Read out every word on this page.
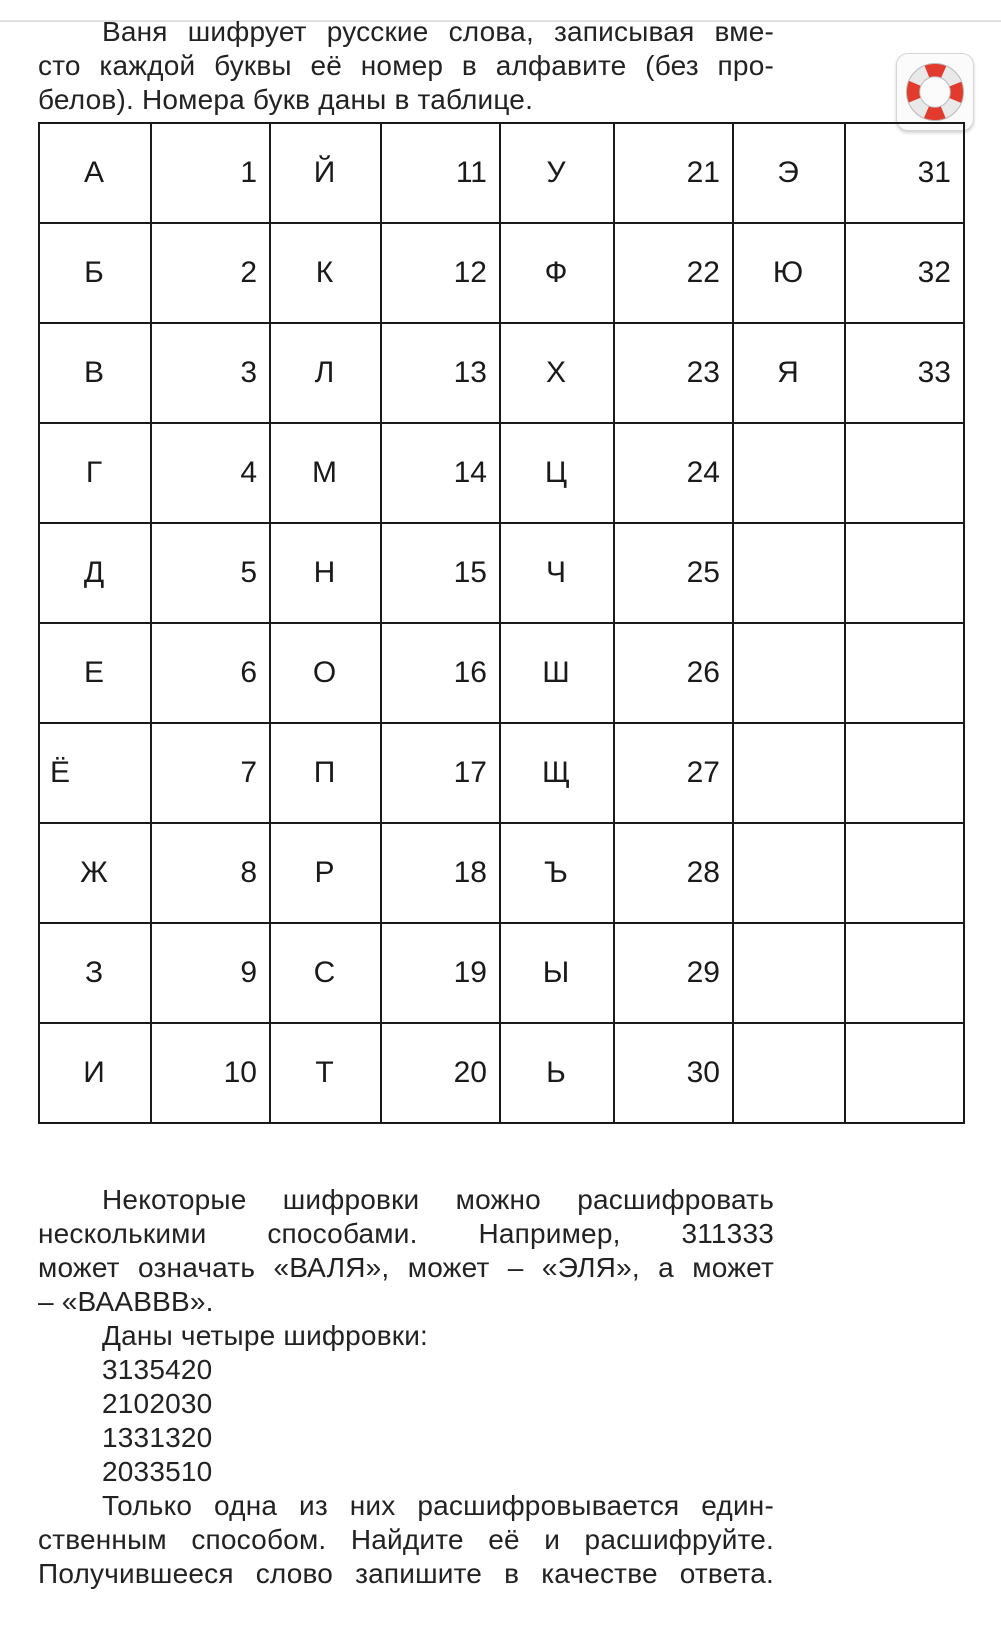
Ваня шифрует русские слова, записывая вме-
сто каждой буквы её номер в алфавите (без про-
белов). Номера букв даны в таблице.
А	1	Й	11	У	21	Э	31
Б	2	К	12	Ф	22	Ю	32
В	3	Л	13	Х	23	Я	33
Г	4	М	14	Ц	24		
Д	5	Н	15	Ч	25		
Е	6	О	16	Ш	26		
Ё	7	П	17	Щ	27		
Ж	8	Р	18	Ъ	28		
З	9	С	19	Ы	29		
И	10	Т	20	Ь	30		
Некоторые шифровки можно расшифровать
несколькими способами. Например, 311333
может означать «ВАЛЯ», может – «ЭЛЯ», а может
– «ВААВВВ».
Даны четыре шифровки:
3135420
2102030
1331320
2033510
Только одна из них расшифровывается един-
ственным способом. Найдите её и расшифруйте.
Получившееся слово запишите в качестве ответа.
